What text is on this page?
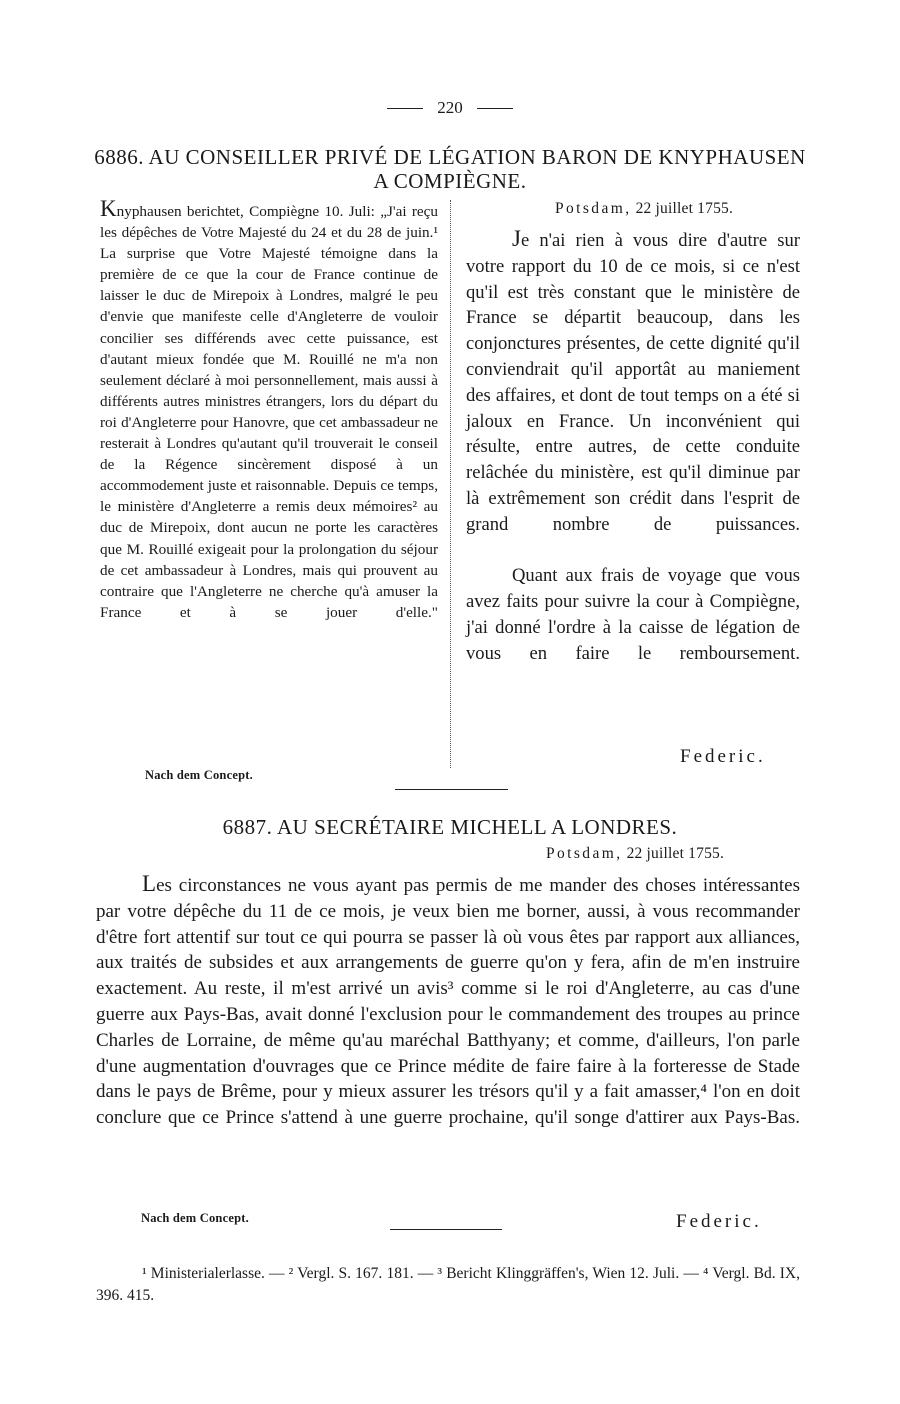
220
6886. AU CONSEILLER PRIVÉ DE LÉGATION BARON DE KNYPHAUSEN A COMPIÈGNE.

Knyphausen berichtet, Compiègne 10. Juli: „J'ai reçu les dépêches de Votre Majesté du 24 et du 28 de juin.¹ La surprise que Votre Majesté témoigne dans la première de ce que la cour de France continue de laisser le duc de Mirepoix à Londres, malgré le peu d'envie que manifeste celle d'Angleterre de vouloir concilier ses différends avec cette puissance, est d'autant mieux fondée que M. Rouillé ne m'a non seulement déclaré à moi personnellement, mais aussi à différents autres ministres étrangers, lors du départ du roi d'Angleterre pour Hanovre, que cet ambassadeur ne resterait à Londres qu'autant qu'il trouverait le conseil de la Régence sincèrement disposé à un accommodement juste et raisonnable. Depuis ce temps, le ministère d'Angleterre a remis deux mémoires² au duc de Mirepoix, dont aucun ne porte les caractères que M. Rouillé exigeait pour la prolongation du séjour de cet ambassadeur à Londres, mais qui prouvent au contraire que l'Angleterre ne cherche qu'à amuser la France et à se jouer d'elle."

Potsdam, 22 juillet 1755.

Je n'ai rien à vous dire d'autre sur votre rapport du 10 de ce mois, si ce n'est qu'il est très constant que le ministère de France se départit beaucoup, dans les conjonctures présentes, de cette dignité qu'il conviendrait qu'il apportât au maniement des affaires, et dont de tout temps on a été si jaloux en France. Un inconvénient qui résulte, entre autres, de cette conduite relâchée du ministère, est qu'il diminue par là extrêmement son crédit dans l'esprit de grand nombre de puissances.

Quant aux frais de voyage que vous avez faits pour suivre la cour à Compiègne, j'ai donné l'ordre à la caisse de légation de vous en faire le remboursement.

Federic.
Nach dem Concept.
6887. AU SECRÉTAIRE MICHELL A LONDRES.
Potsdam, 22 juillet 1755.

Les circonstances ne vous ayant pas permis de me mander des choses intéressantes par votre dépêche du 11 de ce mois, je veux bien me borner, aussi, à vous recommander d'être fort attentif sur tout ce qui pourra se passer là où vous êtes par rapport aux alliances, aux traités de subsides et aux arrangements de guerre qu'on y fera, afin de m'en instruire exactement. Au reste, il m'est arrivé un avis³ comme si le roi d'Angleterre, au cas d'une guerre aux Pays-Bas, avait donné l'exclusion pour le commandement des troupes au prince Charles de Lorraine, de même qu'au maréchal Batthyany; et comme, d'ailleurs, l'on parle d'une augmentation d'ouvrages que ce Prince médite de faire faire à la forteresse de Stade dans le pays de Brême, pour y mieux assurer les trésors qu'il y a fait amasser,⁴ l'on en doit conclure que ce Prince s'attend à une guerre prochaine, qu'il songe d'attirer aux Pays-Bas.

Nach dem Concept.	Federic.

¹ Ministerialerlasse. — ² Vergl. S. 167. 181. — ³ Bericht Klinggräffen's, Wien 12. Juli. — ⁴ Vergl. Bd. IX, 396. 415.
